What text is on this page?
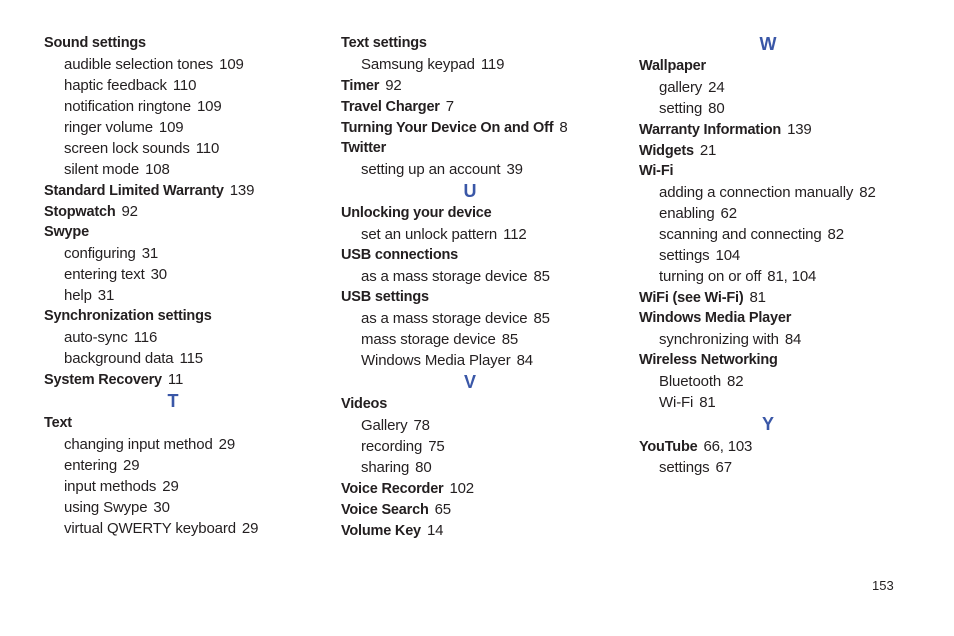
Sound settings
audible selection tones 109
haptic feedback 110
notification ringtone 109
ringer volume 109
screen lock sounds 110
silent mode 108
Standard Limited Warranty 139
Stopwatch 92
Swype
configuring 31
entering text 30
help 31
Synchronization settings
auto-sync 116
background data 115
System Recovery 11
T
Text
changing input method 29
entering 29
input methods 29
using Swype 30
virtual QWERTY keyboard 29
Text settings
Samsung keypad 119
Timer 92
Travel Charger 7
Turning Your Device On and Off 8
Twitter
setting up an account 39
U
Unlocking your device
set an unlock pattern 112
USB connections
as a mass storage device 85
USB settings
as a mass storage device 85
mass storage device 85
Windows Media Player 84
V
Videos
Gallery 78
recording 75
sharing 80
Voice Recorder 102
Voice Search 65
Volume Key 14
W
Wallpaper
gallery 24
setting 80
Warranty Information 139
Widgets 21
Wi-Fi
adding a connection manually 82
enabling 62
scanning and connecting 82
settings 104
turning on or off 81, 104
WiFi (see Wi-Fi) 81
Windows Media Player
synchronizing with 84
Wireless Networking
Bluetooth 82
Wi-Fi 81
Y
YouTube 66, 103
settings 67
153
